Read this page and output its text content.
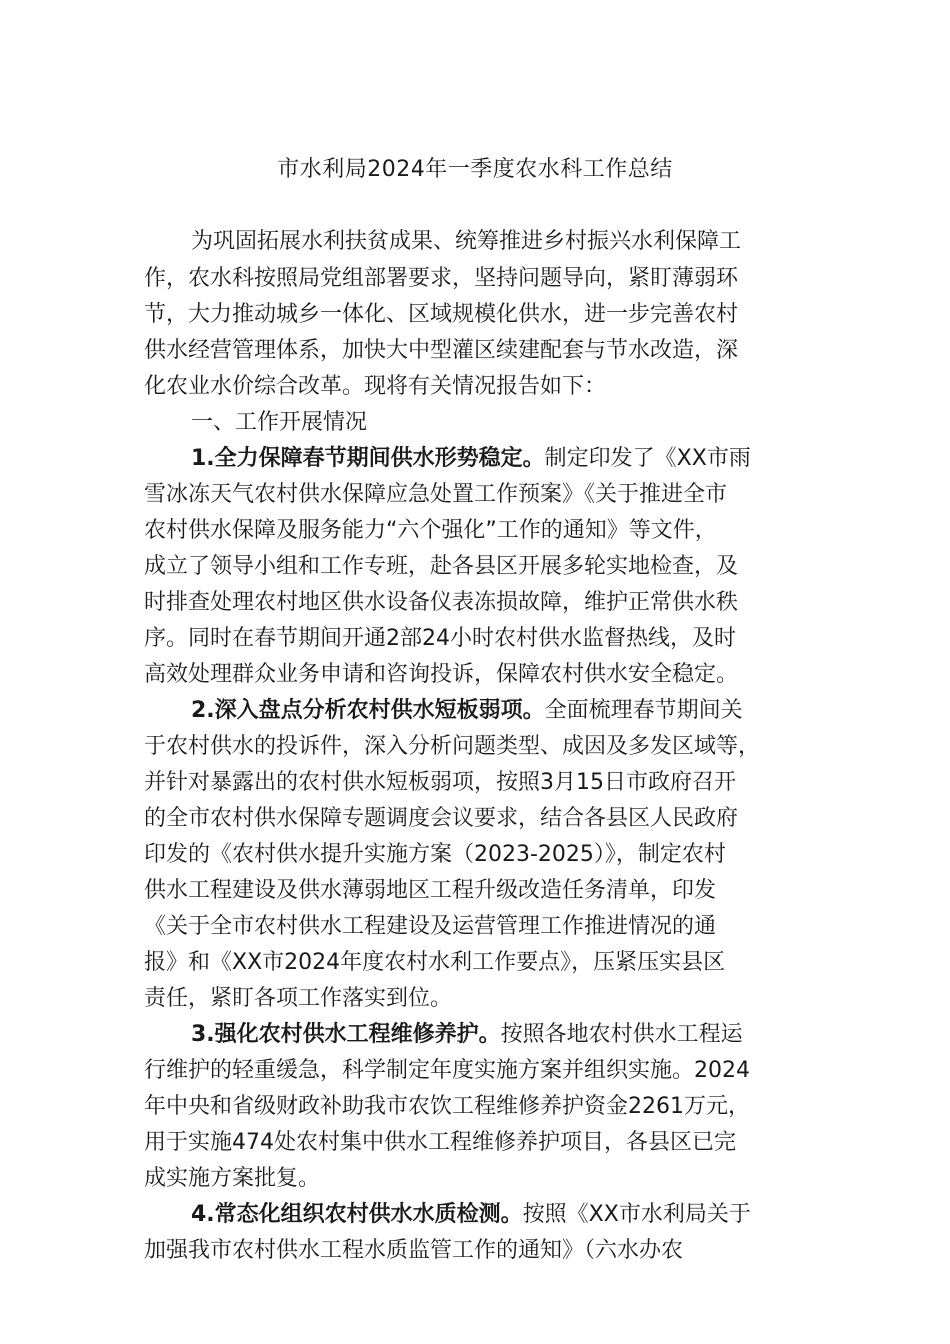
市水利局2024年一季度农水科工作总结
为巩固拓展水利扶贫成果、统筹推进乡村振兴水利保障工
作，农水科按照局党组部署要求，坚持问题导向，紧盯薄弱环
节，大力推动城乡一体化、区域规模化供水，进一步完善农村
供水经营管理体系，加快大中型灌区续建配套与节水改造，深
化农业水价综合改革。现将有关情况报告如下：
一、工作开展情况
1.全力保障春节期间供水形势稳定。制定印发了《XX市雨
雪冰冻天气农村供水保障应急处置工作预案》《关于推进全市
农村供水保障及服务能力“六个强化”工作的通知》等文件，
成立了领导小组和工作专班，赴各县区开展多轮实地检查，及
时排查处理农村地区供水设备仪表冻损故障，维护正常供水秩
序。同时在春节期间开通2部24小时农村供水监督热线，及时
高效处理群众业务申请和咨询投诉，保障农村供水安全稳定。
2.深入盘点分析农村供水短板弱项。全面梳理春节期间关
于农村供水的投诉件，深入分析问题类型、成因及多发区域等，
并针对暴露出的农村供水短板弱项，按照3月15日市政府召开
的全市农村供水保障专题调度会议要求，结合各县区人民政府
印发的《农村供水提升实施方案（2023-2025）》，制定农村
供水工程建设及供水薄弱地区工程升级改造任务清单，印发
《关于全市农村供水工程建设及运营管理工作推进情况的通
报》和《XX市2024年度农村水利工作要点》，压紧压实县区
责任，紧盯各项工作落实到位。
3.强化农村供水工程维修养护。按照各地农村供水工程运
行维护的轻重缓急，科学制定年度实施方案并组织实施。2024
年中央和省级财政补助我市农饮工程维修养护资金2261万元，
用于实施474处农村集中供水工程维修养护项目，各县区已完
成实施方案批复。
4.常态化组织农村供水水质检测。按照《XX市水利局关于
加强我市农村供水工程水质监管工作的通知》（六水办农
